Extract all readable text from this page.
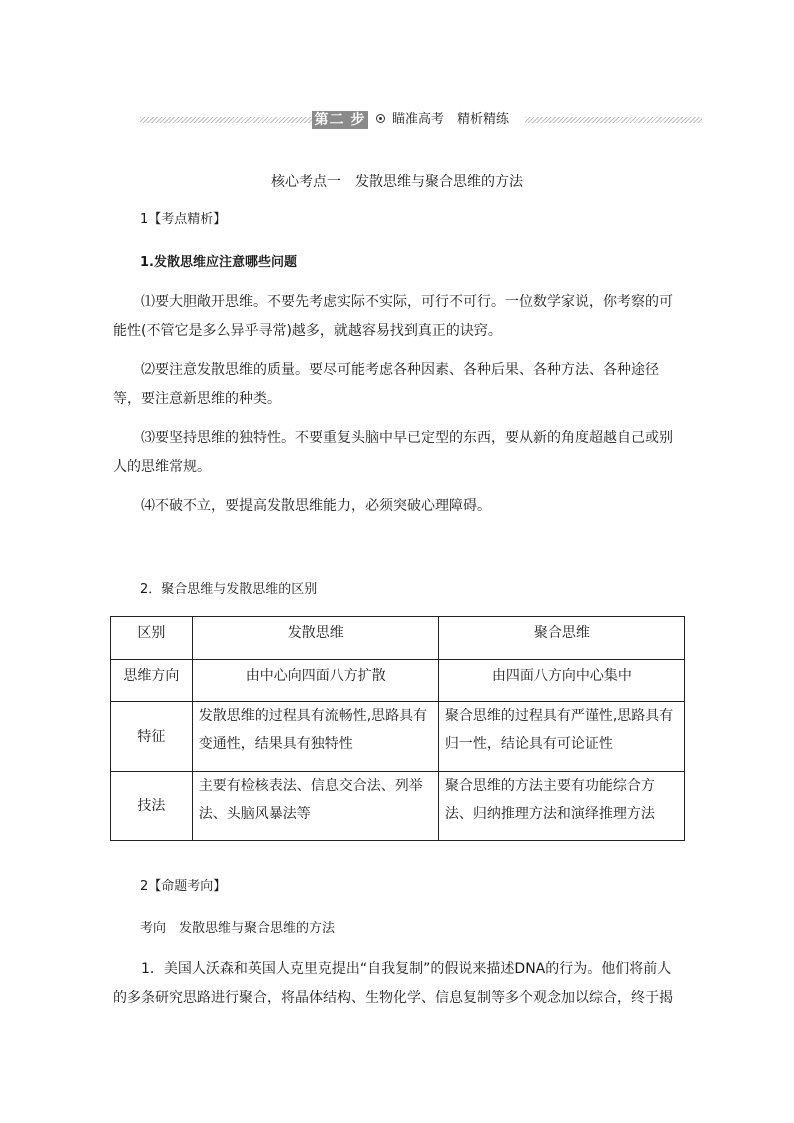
第二 步	瞄准高考　精析精练
核心考点一　发散思维与聚合思维的方法
1【考点精析】
1.发散思维应注意哪些问题
⑴要大胆敞开思维。不要先考虑实际不实际，可行不可行。一位数学家说，你考察的可能性(不管它是多么异乎寻常)越多，就越容易找到真正的诀窍。
⑵要注意发散思维的质量。要尽可能考虑各种因素、各种后果、各种方法、各种途径等，要注意新思维的种类。
⑶要坚持思维的独特性。不要重复头脑中早已定型的东西，要从新的角度超越自己或别人的思维常规。
⑷不破不立，要提高发散思维能力，必须突破心理障碍。
2．聚合思维与发散思维的区别
区别	发散思维	聚合思维

思维方向	由中心向四面八方扩散	由四面八方向中心集中

特征	发散思维的过程具有流畅性,思路具有变通性，结果具有独特性	聚合思维的过程具有严谨性,思路具有归一性，结论具有可论证性

技法	主要有检核表法、信息交合法、列举法、头脑风暴法等	聚合思维的方法主要有功能综合方法、归纳推理方法和演绎推理方法
2【命题考向】
考向　发散思维与聚合思维的方法
1．美国人沃森和英国人克里克提出“自我复制”的假说来描述DNA的行为。他们将前人的多条研究思路进行聚合，将晶体结构、生物化学、信息复制等多个观念加以综合，终于揭
